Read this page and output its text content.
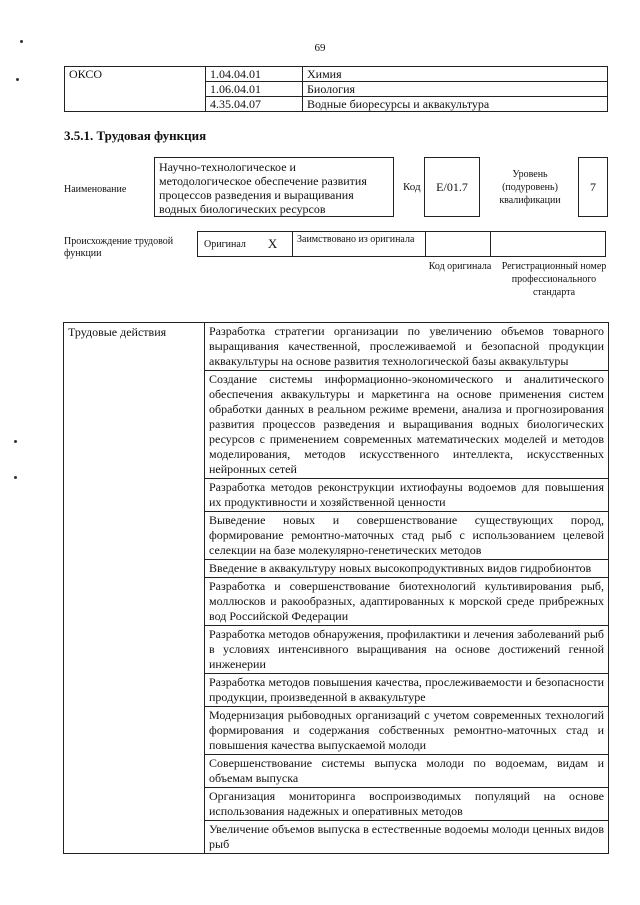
69
ОКСО	1.04.04.01	Химия
	1.06.04.01	Биология
	4.35.04.07	Водные биоресурсы и аквакультура
3.5.1. Трудовая функция
Наименование
Научно-технологическое и методологическое обеспечение развития процессов разведения и выращивания водных биологических ресурсов
Код	E/01.7
Уровень (подуровень) квалификации
7
Происхождение трудовой функции
Оригинал X	Заимствовано из оригинала
Код оригинала Регистрационный номер профессионального стандарта
Трудовые действия	Разработка стратегии организации по увеличению объемов товарного выращивания качественной, прослеживаемой и безопасной продукции аквакультуры на основе развития технологической базы аквакультуры
Создание системы информационно-экономического и аналитического обеспечения аквакультуры и маркетинга на основе применения систем обработки данных в реальном режиме времени, анализа и прогнозирования развития процессов разведения и выращивания водных биологических ресурсов с применением современных математических моделей и методов моделирования, методов искусственного интеллекта, искусственных нейронных сетей
Разработка методов реконструкции ихтиофауны водоемов для повышения их продуктивности и хозяйственной ценности
Выведение новых и совершенствование существующих пород, формирование ремонтно-маточных стад рыб с использованием целевой селекции на базе молекулярно-генетических методов
Введение в аквакультуру новых высокопродуктивных видов гидробионтов
Разработка и совершенствование биотехнологий культивирования рыб, моллюсков и ракообразных, адаптированных к морской среде прибрежных вод Российской Федерации
Разработка методов обнаружения, профилактики и лечения заболеваний рыб в условиях интенсивного выращивания на основе достижений генной инженерии
Разработка методов повышения качества, прослеживаемости и безопасности продукции, произведенной в аквакультуре
Модернизация рыбоводных организаций с учетом современных технологий формирования и содержания собственных ремонтно-маточных стад и повышения качества выпускаемой молоди
Совершенствование системы выпуска молоди по водоемам, видам и объемам выпуска
Организация мониторинга воспроизводимых популяций на основе использования надежных и оперативных методов
Увеличение объемов выпуска в естественные водоемы молоди ценных видов рыб
